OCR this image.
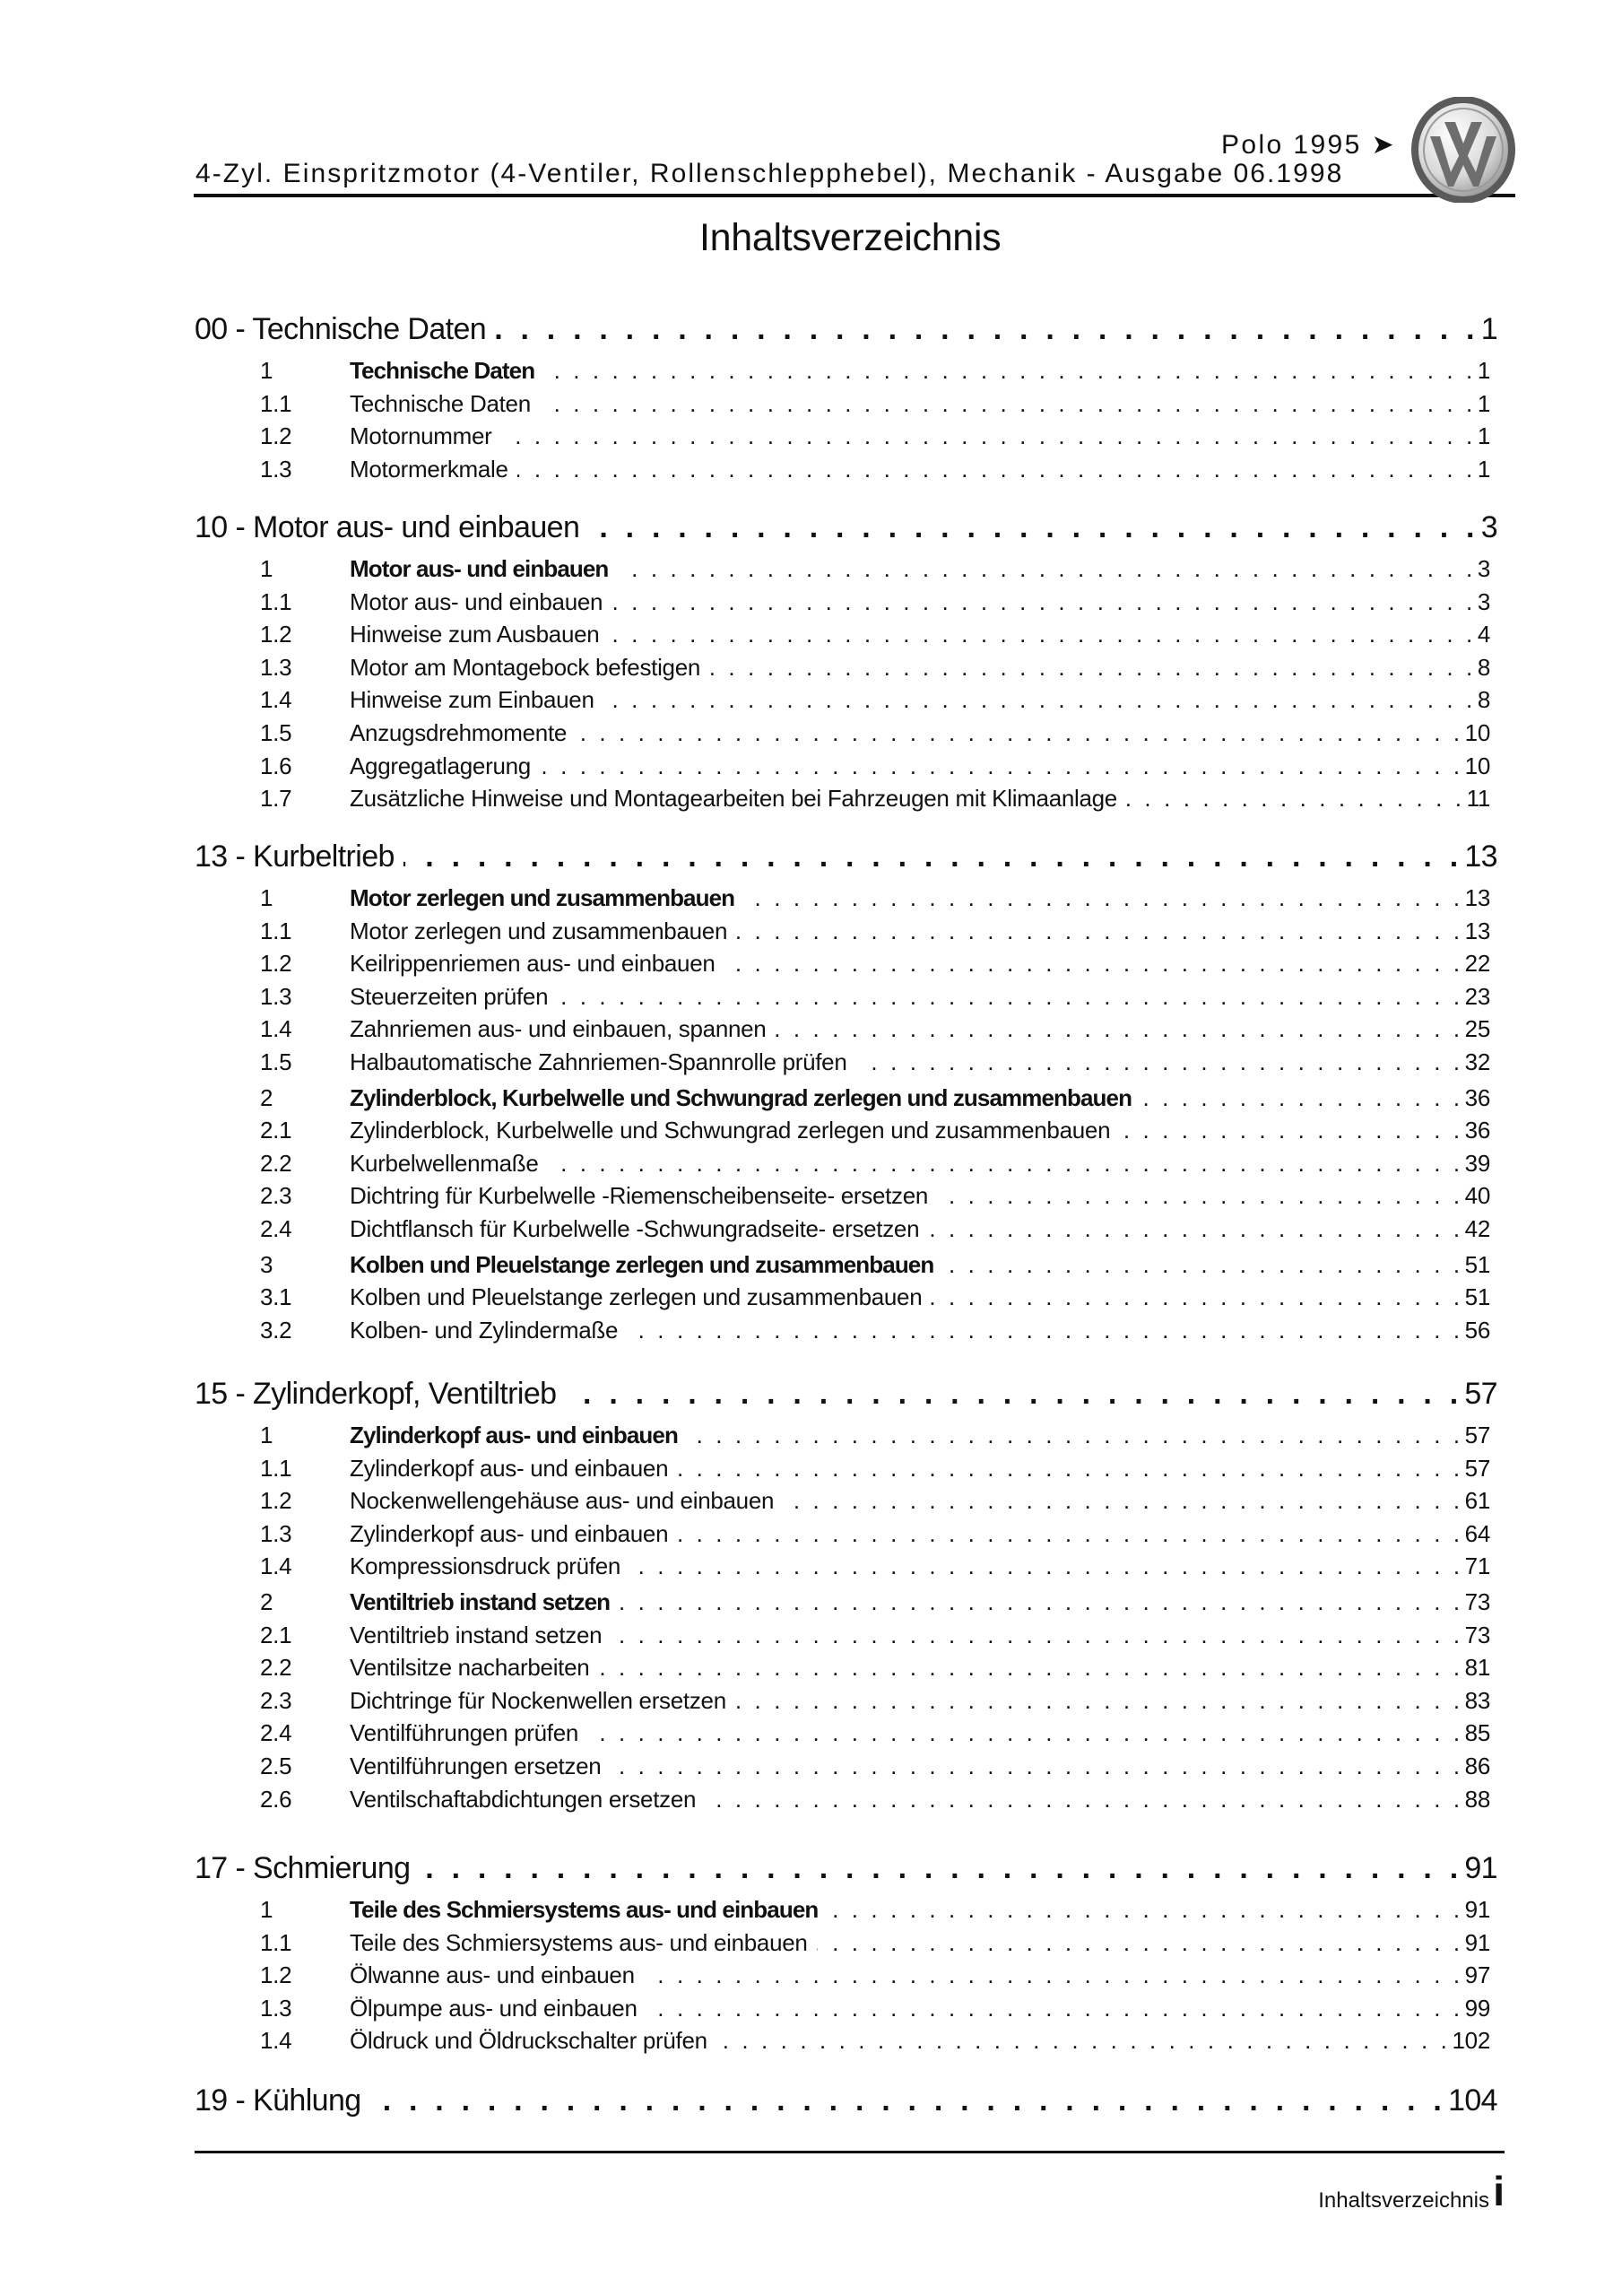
Polo 1995 ➤
4-Zyl. Einspritzmotor (4-Ventiler, Rollenschlepphebel), Mechanik - Ausgabe 06.1998
Inhaltsverzeichnis
00 - Technische Daten . . .	1
1	Technische Daten . . .	1
1.1	Technische Daten . . .	1
1.2	Motornummer . . .	1
1.3	Motormerkmale . . .	1
10 - Motor aus- und einbauen . . .	3
1	Motor aus- und einbauen . . .	3
1.1	Motor aus- und einbauen . . .	3
1.2	Hinweise zum Ausbauen . . .	4
1.3	Motor am Montagebock befestigen . . .	8
1.4	Hinweise zum Einbauen . . .	8
1.5	Anzugsdrehmomente . . .	10
1.6	Aggregatlagerung . . .	10
1.7	Zusätzliche Hinweise und Montagearbeiten bei Fahrzeugen mit Klimaanlage . . .	11
13 - Kurbeltrieb . . .	13
1	Motor zerlegen und zusammenbauen . . .	13
1.1	Motor zerlegen und zusammenbauen . . .	13
1.2	Keilrippenriemen aus- und einbauen . . .	22
1.3	Steuerzeiten prüfen . . .	23
1.4	Zahnriemen aus- und einbauen, spannen . . .	25
1.5	Halbautomatische Zahnriemen-Spannrolle prüfen . . .	32
2	Zylinderblock, Kurbelwelle und Schwungrad zerlegen und zusammenbauen . . .	36
2.1	Zylinderblock, Kurbelwelle und Schwungrad zerlegen und zusammenbauen . . .	36
2.2	Kurbelwellenmaße . . .	39
2.3	Dichtring für Kurbelwelle -Riemenscheibenseite- ersetzen . . .	40
2.4	Dichtflansch für Kurbelwelle -Schwungradseite- ersetzen . . .	42
3	Kolben und Pleuelstange zerlegen und zusammenbauen . . .	51
3.1	Kolben und Pleuelstange zerlegen und zusammenbauen . . .	51
3.2	Kolben- und Zylindermaße . . .	56
15 - Zylinderkopf, Ventiltrieb . . .	57
1	Zylinderkopf aus- und einbauen . . .	57
1.1	Zylinderkopf aus- und einbauen . . .	57
1.2	Nockenwellengehäuse aus- und einbauen . . .	61
1.3	Zylinderkopf aus- und einbauen . . .	64
1.4	Kompressionsdruck prüfen . . .	71
2	Ventiltrieb instand setzen . . .	73
2.1	Ventiltrieb instand setzen . . .	73
2.2	Ventilsitze nacharbeiten . . .	81
2.3	Dichtringe für Nockenwellen ersetzen . . .	83
2.4	Ventilführungen prüfen . . .	85
2.5	Ventilführungen ersetzen . . .	86
2.6	Ventilschaftabdichtungen ersetzen . . .	88
17 - Schmierung . . .	91
1	Teile des Schmiersystems aus- und einbauen . . .	91
1.1	Teile des Schmiersystems aus- und einbauen . . .	91
1.2	Ölwanne aus- und einbauen . . .	97
1.3	Ölpumpe aus- und einbauen . . .	99
1.4	Öldruck und Öldruckschalter prüfen . . .	102
19 - Kühlung . . .	104
Inhaltsverzeichnis i
